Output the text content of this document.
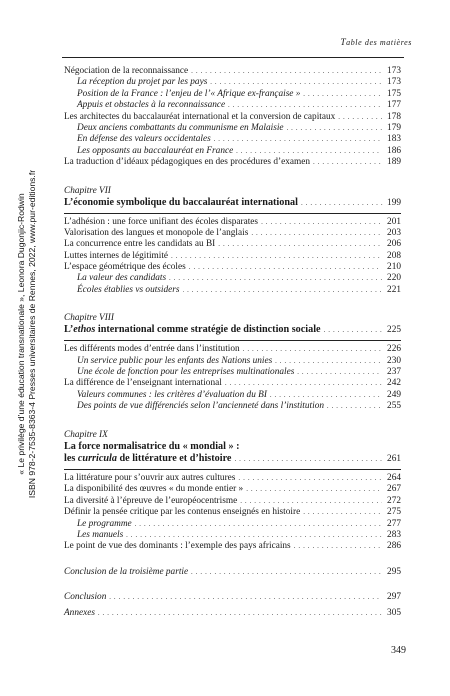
Table des matières
Négociation de la reconnaissance . . .	173
La réception du projet par les pays . . .	173
Position de la France : l’enjeu de l’« Afrique ex-française » . . .	175
Appuis et obstacles à la reconnaissance . . .	177
Les architectes du baccalauréat international et la conversion de capitaux . . .	178
Deux anciens combattants du communisme en Malaisie . . .	179
En défense des valeurs occidentales . . .	183
Les opposants au baccalauréat en France . . .	186
La traduction d’idéaux pédagogiques en des procédures d’examen . . .	189
Chapitre VII
L’économie symbolique du baccalauréat international . . .	199
L’adhésion : une force unifiant des écoles disparates . . .	201
Valorisation des langues et monopole de l’anglais . . .	203
La concurrence entre les candidats au BI . . .	206
Luttes internes de légitimité . . .	208
L’espace géométrique des écoles . . .	210
La valeur des candidats . . .	220
Écoles établies vs outsiders . . .	221
Chapitre VIII
L’ethos international comme stratégie de distinction sociale . . .	225
Les différents modes d’entrée dans l’institution . . .	226
Un service public pour les enfants des Nations unies . . .	230
Une école de fonction pour les entreprises multinationales . . .	237
La différence de l’enseignant international . . .	242
Valeurs communes : les critères d’évaluation du BI . . .	249
Des points de vue différenciés selon l’ancienneté dans l’institution . . .	255
Chapitre IX
La force normalisatrice du « mondial » :
les curricula de littérature et d’histoire . . .	261
La littérature pour s’ouvrir aux autres cultures . . .	264
La disponibilité des œuvres « du monde entier » . . .	267
La diversité à l’épreuve de l’européocentrisme . . .	272
Définir la pensée critique par les contenus enseignés en histoire . . .	275
Le programme . . .	277
Les manuels . . .	283
Le point de vue des dominants : l’exemple des pays africains . . .	286
Conclusion de la troisième partie . . .	295
Conclusion . . .	297
Annexes . . .	305
349
« Le privilège d’une éducation transnationale », Leonora Dugonjic-Rodwin ISBN 978-2-7535-8363-4 Presses universitaires de Rennes, 2022, www.pur-editions.fr
